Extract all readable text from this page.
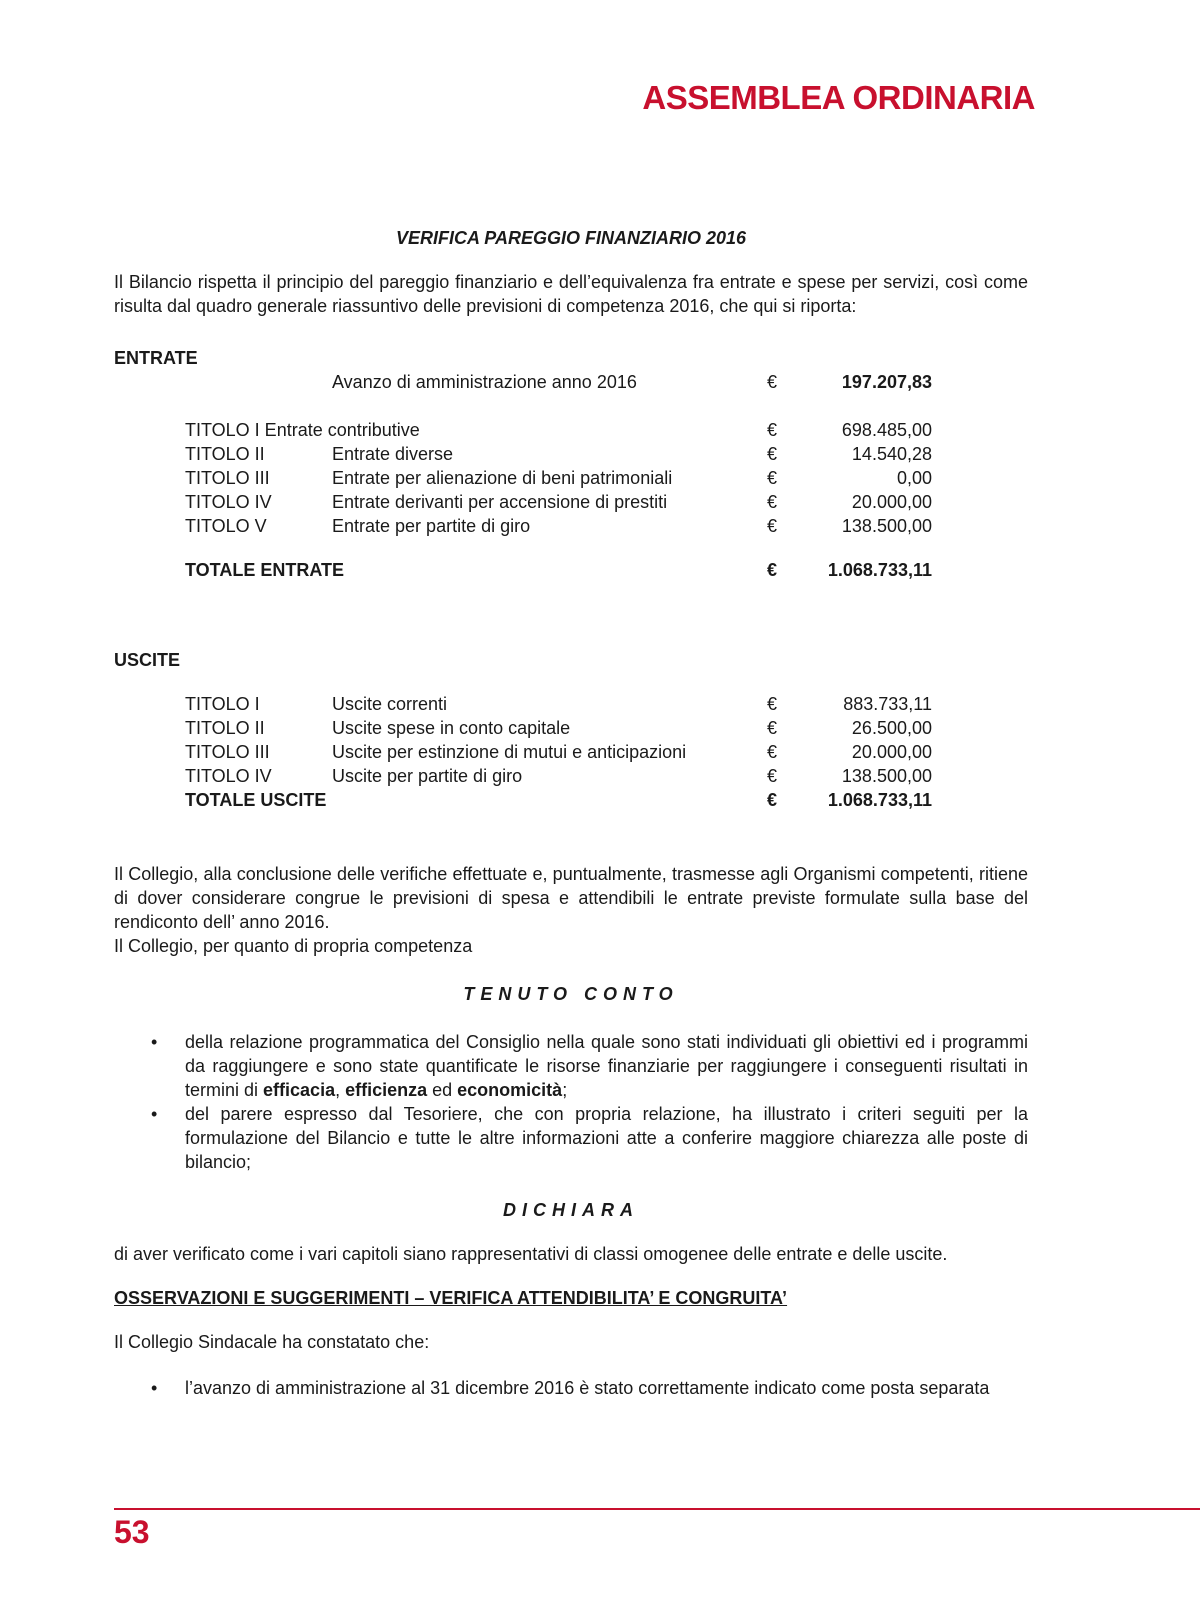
ASSEMBLEA ORDINARIA
VERIFICA PAREGGIO FINANZIARIO 2016

Il Bilancio rispetta il principio del pareggio finanziario e dell’equivalenza fra entrate e spese per servizi, così come risulta dal quadro generale riassuntivo delle previsioni di competenza 2016, che qui si riporta:

ENTRATE
Avanzo di amministrazione anno 2016	€	197.207,83
TITOLO I Entrate contributive	€	698.485,00
TITOLO II	Entrate diverse	€	14.540,28
TITOLO III	Entrate per alienazione di beni patrimoniali	€	0,00
TITOLO IV	Entrate derivanti per accensione di prestiti	€	20.000,00
TITOLO V	Entrate per partite di giro	€	138.500,00
TOTALE ENTRATE	€	1.068.733,11
USCITE
TITOLO I	Uscite correnti	€	883.733,11
TITOLO II	Uscite spese in conto capitale	€	26.500,00
TITOLO III	Uscite per estinzione di mutui e anticipazioni	€	20.000,00
TITOLO IV	Uscite per partite di giro	€	138.500,00
TOTALE USCITE	€	1.068.733,11

Il Collegio, alla conclusione delle verifiche effettuate e, puntualmente, trasmesse agli Organismi competenti, ritiene di dover considerare congrue le previsioni di spesa e attendibili le entrate previste formulate sulla base del rendiconto dell’ anno 2016.

Il Collegio, per quanto di propria competenza
TENUTO CONTO
• della relazione programmatica del Consiglio nella quale sono stati individuati gli obiettivi ed i programmi da raggiungere e sono state quantificate le risorse finanziarie per raggiungere i conseguenti risultati in termini di efficacia, efficienza ed economicità;

• del parere espresso dal Tesoriere, che con propria relazione, ha illustrato i criteri seguiti per la formulazione del Bilancio e tutte le altre informazioni atte a conferire maggiore chiarezza alle poste di bilancio;

DICHIARA
di aver verificato come i vari capitoli siano rappresentativi di classi omogenee delle entrate e delle uscite.
OSSERVAZIONI E SUGGERIMENTI – VERIFICA ATTENDIBILITA’ E CONGRUITA’
Il Collegio Sindacale ha constatato che:
• l’avanzo di amministrazione al 31 dicembre 2016 è stato correttamente indicato come posta separata
53
